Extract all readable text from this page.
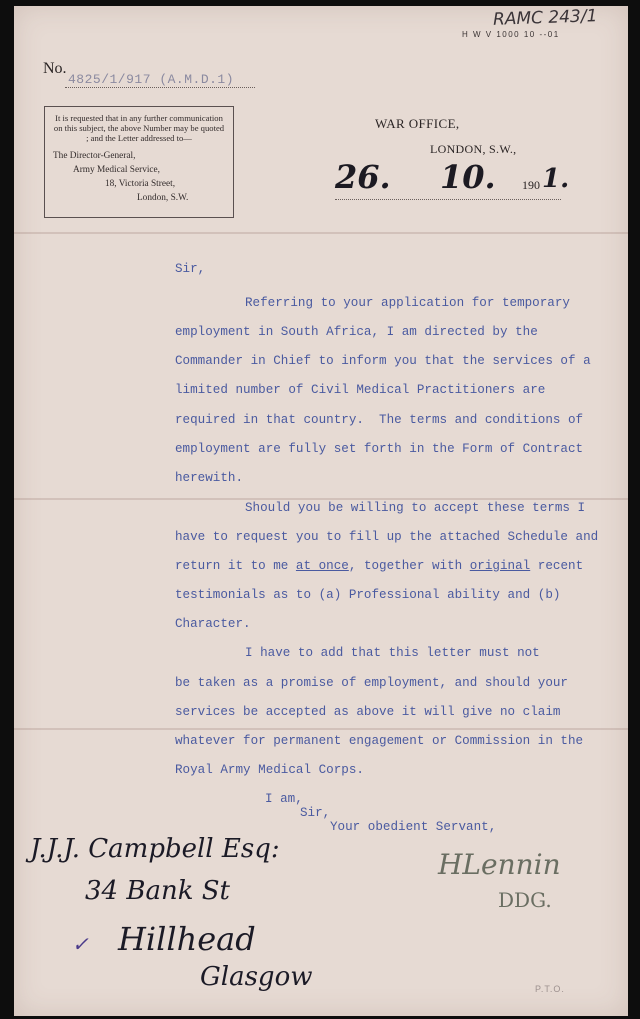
RAMC 243/1
H W V 1000 10 --01
No.
4825/1/917 (A.M.D.1)

It is requested that in any further communication on this subject, the above Number may be quoted ; and the Letter addressed to—

The Director-General,

Army Medical Service,

18, Victoria Street,

London, S.W.

WAR OFFICE,
LONDON, S.W.,
26. 10. 190 1.
Sir,
Referring to your application for temporary
employment in South Africa, I am directed by the
Commander in Chief to inform you that the services of a
limited number of Civil Medical Practitioners are
required in that country.  The terms and conditions of
employment are fully set forth in the Form of Contract
herewith.
Should you be willing to accept these terms I
have to request you to fill up the attached Schedule and
return it to me at once, together with original recent
testimonials as to (a) Professional ability and (b)
Character.
I have to add that this letter must not
be taken as a promise of employment, and should your
services be accepted as above it will give no claim
whatever for permanent engagement or Commission in the
Royal Army Medical Corps.
I am,
Sir,
Your obedient Servant,
HLennin
DDG.
J.J.J. Campbell Esq:
34 Bank St
✓ Hillhead
Glasgow	P.T.O.
